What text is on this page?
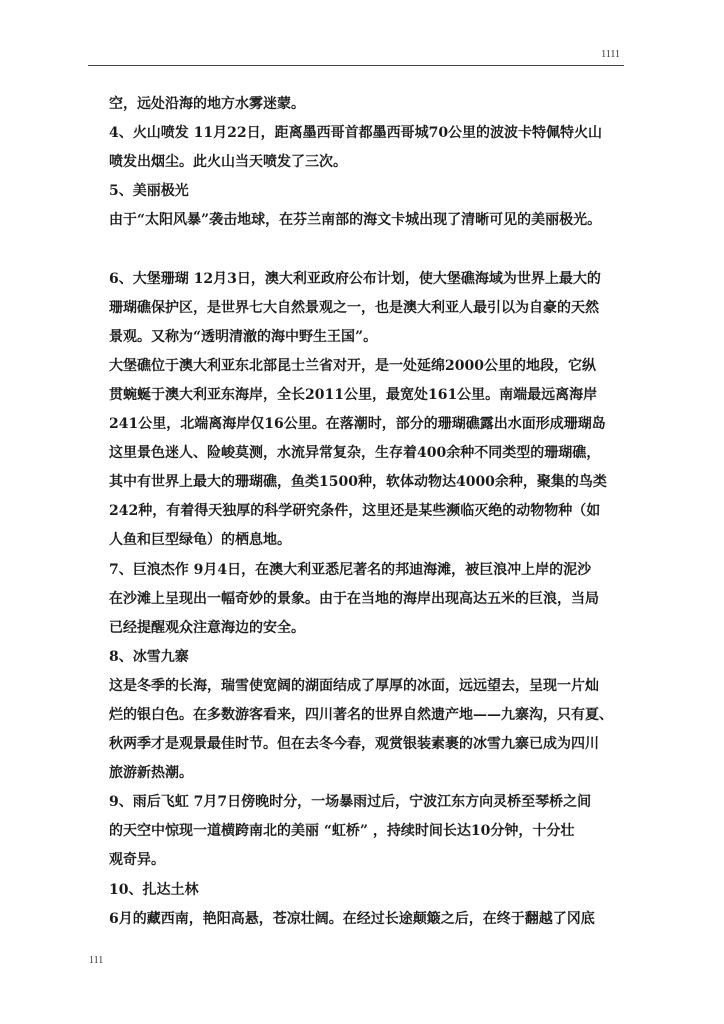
1111
空，远处沿海的地方水雾迷蒙。
4、火山喷发 11月22日，距离墨西哥首都墨西哥城70公里的波波卡特佩特火山
喷发出烟尘。此火山当天喷发了三次。
5、美丽极光
由于“太阳风暴”袭击地球，在芬兰南部的海文卡城出现了清晰可见的美丽极光。
6、大堡珊瑚 12月3日，澳大利亚政府公布计划，使大堡礁海域为世界上最大的
珊瑚礁保护区，是世界七大自然景观之一，也是澳大利亚人最引以为自豪的天然
景观。又称为“透明清澈的海中野生王国”。
大堡礁位于澳大利亚东北部昆士兰省对开，是一处延绵2000公里的地段，它纵
贯蜿蜒于澳大利亚东海岸，全长2011公里，最宽处161公里。南端最远离海岸
241公里，北端离海岸仅16公里。在落潮时，部分的珊瑚礁露出水面形成珊瑚岛
这里景色迷人、险峻莫测，水流异常复杂，生存着400余种不同类型的珊瑚礁，
其中有世界上最大的珊瑚礁，鱼类1500种，软体动物达4000余种，聚集的鸟类
242种，有着得天独厚的科学研究条件，这里还是某些濒临灭绝的动物物种（如
人鱼和巨型绿龟）的栖息地。
7、巨浪杰作 9月4日，在澳大利亚悉尼著名的邦迪海滩，被巨浪冲上岸的泥沙
在沙滩上呈现出一幅奇妙的景象。由于在当地的海岸出现高达五米的巨浪，当局
已经提醒观众注意海边的安全。
8、冰雪九寨
这是冬季的长海，瑞雪使宽阔的湖面结成了厚厚的冰面，远远望去，呈现一片灿
烂的银白色。在多数游客看来，四川著名的世界自然遗产地——九寨沟，只有夏、
秋两季才是观景最佳时节。但在去冬今春，观赏银装素裹的冰雪九寨已成为四川
旅游新热潮。
9、雨后飞虹 7月7日傍晚时分，一场暴雨过后，宁波江东方向灵桥至琴桥之间
的天空中惊现一道横跨南北的美丽 “虹桥” ，持续时间长达10分钟，十分壮
观奇异。
10、扎达土林
6月的藏西南，艳阳高悬，苍凉壮阔。在经过长途颠簸之后，在终于翻越了冈底
111
